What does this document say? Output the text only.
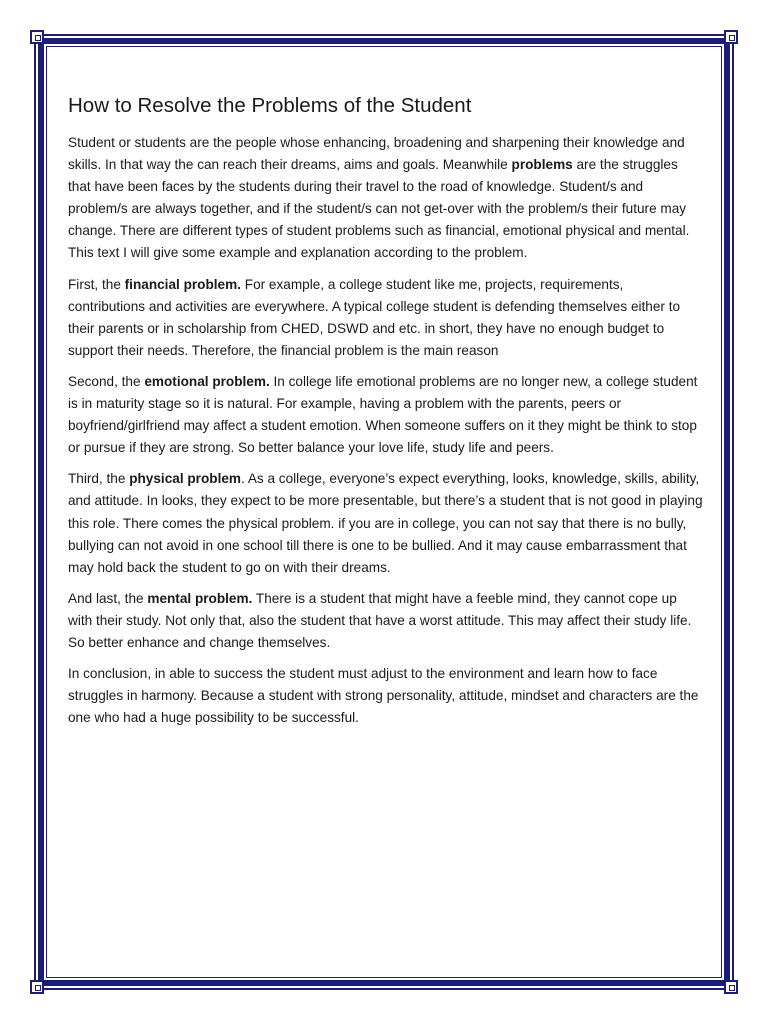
How to Resolve the Problems of the Student

Student or students are the people whose enhancing, broadening and sharpening their knowledge and skills. In that way the can reach their dreams, aims and goals. Meanwhile problems are the struggles that have been faces by the students during their travel to the road of knowledge. Student/s and problem/s are always together, and if the student/s can not get-over with the problem/s their future may change. There are different types of student problems such as financial, emotional physical and mental. This text I will give some example and explanation according to the problem.

First, the financial problem. For example, a college student like me, projects, requirements, contributions and activities are everywhere. A typical college student is defending themselves either to their parents or in scholarship from CHED, DSWD and etc. in short, they have no enough budget to support their needs. Therefore, the financial problem is the main reason

Second, the emotional problem. In college life emotional problems are no longer new, a college student is in maturity stage so it is natural. For example, having a problem with the parents, peers or boyfriend/girlfriend may affect a student emotion. When someone suffers on it they might be think to stop or pursue if they are strong. So better balance your love life, study life and peers.

Third, the physical problem. As a college, everyone’s expect everything, looks, knowledge, skills, ability, and attitude. In looks, they expect to be more presentable, but there’s a student that is not good in playing this role. There comes the physical problem. if you are in college, you can not say that there is no bully, bullying can not avoid in one school till there is one to be bullied. And it may cause embarrassment that may hold back the student to go on with their dreams.

And last, the mental problem. There is a student that might have a feeble mind, they cannot cope up with their study. Not only that, also the student that have a worst attitude. This may affect their study life. So better enhance and change themselves.

In conclusion, in able to success the student must adjust to the environment and learn how to face struggles in harmony. Because a student with strong personality, attitude, mindset and characters are the one who had a huge possibility to be successful.
